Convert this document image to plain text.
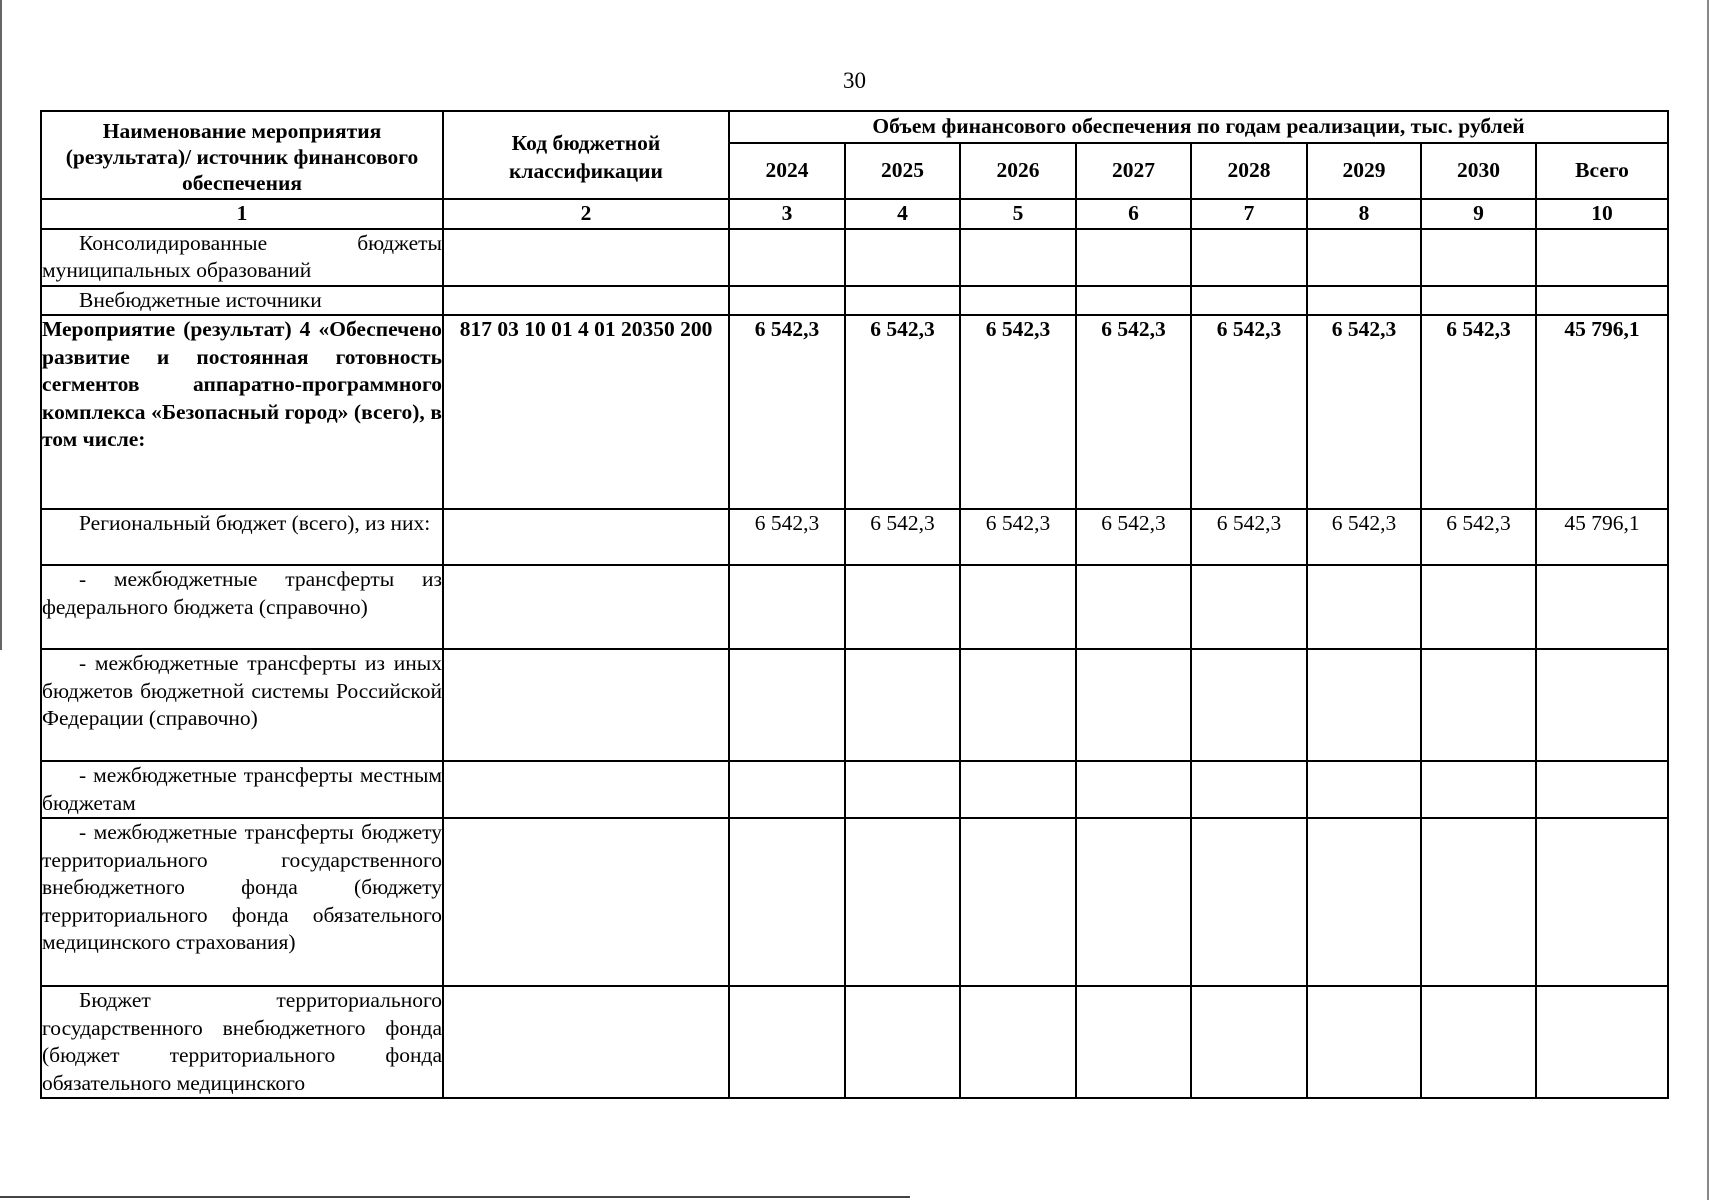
30
Наименование мероприятия (результата)/ источник финансового обеспечения	Код бюджетной классификации	Объем финансового обеспечения по годам реализации, тыс. рублей							
		2024	2025	2026	2027	2028	2029	2030	Всего
1	2	3	4	5	6	7	8	9	10

Консолидированные бюджеты муниципальных образований									

Внебюджетные источники									

Мероприятие (результат) 4 «Обеспечено развитие и постоянная готовность сегментов аппаратно-программного комплекса «Безопасный город» (всего), в том числе:	817 03 10 01 4 01 20350 200	6 542,3	6 542,3	6 542,3	6 542,3	6 542,3	6 542,3	6 542,3	45 796,1

Региональный бюджет (всего), из них:		6 542,3	6 542,3	6 542,3	6 542,3	6 542,3	6 542,3	6 542,3	45 796,1

- межбюджетные трансферты из федерального бюджета (справочно)									

- межбюджетные трансферты из иных бюджетов бюджетной системы Российской Федерации (справочно)									

- межбюджетные трансферты местным бюджетам									

- межбюджетные трансферты бюджету территориального государственного внебюджетного фонда (бюджету территориального фонда обязательного медицинского страхования)									

Бюджет территориального государственного внебюджетного фонда (бюджет территориального фонда обязательного медицинского									
